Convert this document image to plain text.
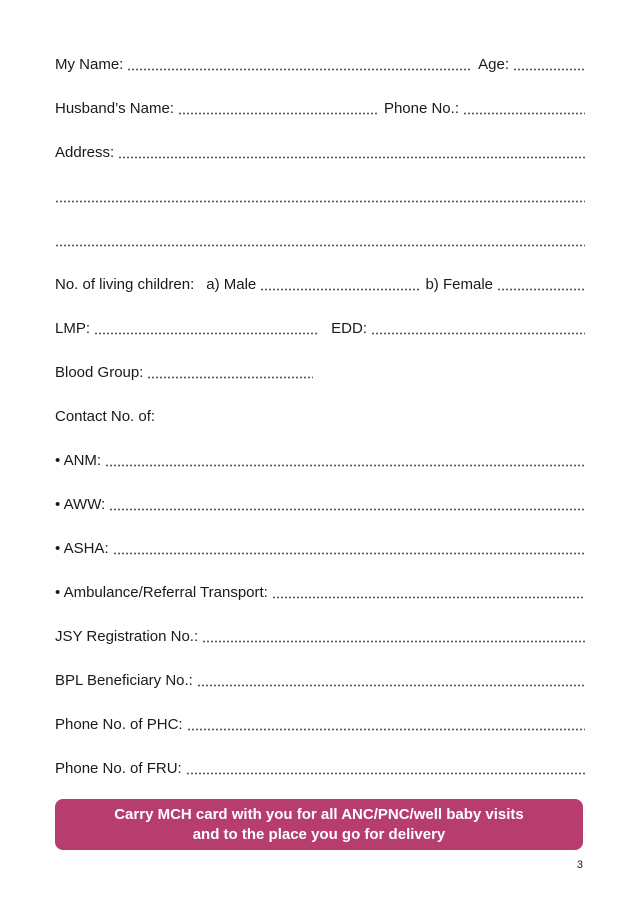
My Name:	Age:
Husband’s Name:	Phone No.:
Address:
No. of living children: a) Male	b) Female
LMP:	EDD:
Blood Group:
Contact No. of:
• ANM:
• AWW:
• ASHA:
• Ambulance/Referral Transport:
JSY Registration No.:
BPL Beneficiary No.:
Phone No. of PHC:
Phone No. of FRU:
Carry MCH card with you for all ANC/PNC/well baby visits
and to the place you go for delivery
3
